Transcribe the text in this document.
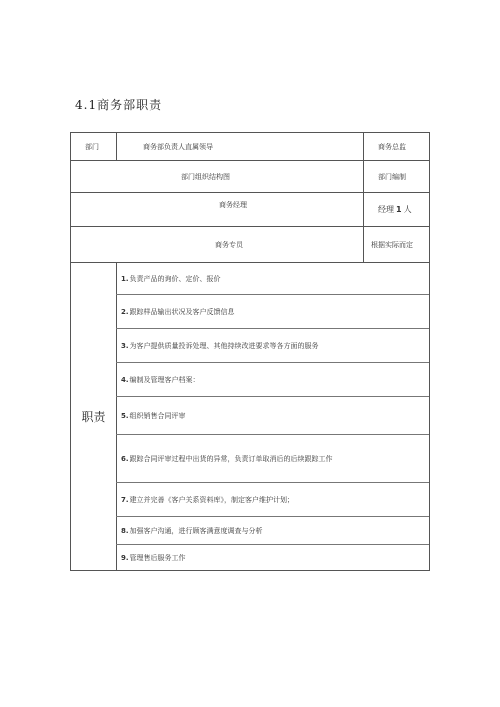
4.1商务部职责
部门	商务部负责人直属领导	商务总监
部门组织结构图	部门编制
商务经理	经理 1 人
商务专员	根据实际而定
职责
1. 负责产品的询价、定价、报价
2. 跟踪样品输出状况及客户反馈信息
3. 为客户提供质量投诉处理、其他持续改进要求等各方面的服务
4. 编制及管理客户档案：
5. 组织销售合同评审
6. 跟踪合同评审过程中出货的异常，负责订单取消后的后续跟踪工作
7. 建立并完善《客户关系资料库》，制定客户维护计划；
8. 加强客户沟通，进行顾客满意度调查与分析
9. 管理售后服务工作
